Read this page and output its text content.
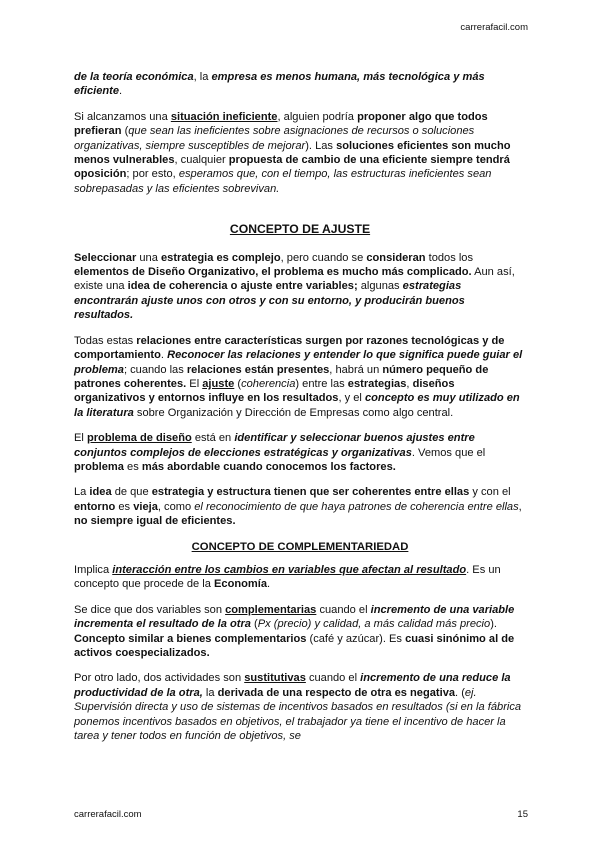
carrerafacil.com

de la teoría económica, la empresa es menos humana, más tecnológica y más eficiente.

Si alcanzamos una situación ineficiente, alguien podría proponer algo que todos prefieran (que sean las ineficientes sobre asignaciones de recursos o soluciones organizativas, siempre susceptibles de mejorar). Las soluciones eficientes son mucho menos vulnerables, cualquier propuesta de cambio de una eficiente siempre tendrá oposición; por esto, esperamos que, con el tiempo, las estructuras ineficientes sean sobrepasadas y las eficientes sobrevivan.

CONCEPTO DE AJUSTE

Seleccionar una estrategia es complejo, pero cuando se consideran todos los elementos de Diseño Organizativo, el problema es mucho más complicado. Aun así, existe una idea de coherencia o ajuste entre variables; algunas estrategias encontrarán ajuste unos con otros y con su entorno, y producirán buenos resultados.

Todas estas relaciones entre características surgen por razones tecnológicas y de comportamiento. Reconocer las relaciones y entender lo que significa puede guiar el problema; cuando las relaciones están presentes, habrá un número pequeño de patrones coherentes. El ajuste (coherencia) entre las estrategias, diseños organizativos y entornos influye en los resultados, y el concepto es muy utilizado en la literatura sobre Organización y Dirección de Empresas como algo central.

El problema de diseño está en identificar y seleccionar buenos ajustes entre conjuntos complejos de elecciones estratégicas y organizativas. Vemos que el problema es más abordable cuando conocemos los factores.

La idea de que estrategia y estructura tienen que ser coherentes entre ellas y con el entorno es vieja, como el reconocimiento de que haya patrones de coherencia entre ellas, no siempre igual de eficientes.

CONCEPTO DE COMPLEMENTARIEDAD

Implica interacción entre los cambios en variables que afectan al resultado. Es un concepto que procede de la Economía.

Se dice que dos variables son complementarias cuando el incremento de una variable incrementa el resultado de la otra (Px (precio) y calidad, a más calidad más precio). Concepto similar a bienes complementarios (café y azúcar). Es cuasi sinónimo al de activos coespecializados.

Por otro lado, dos actividades son sustitutivas cuando el incremento de una reduce la productividad de la otra, la derivada de una respecto de otra es negativa. (ej. Supervisión directa y uso de sistemas de incentivos basados en resultados (si en la fábrica ponemos incentivos basados en objetivos, el trabajador ya tiene el incentivo de hacer la tarea y tener todos en función de objetivos, se

carrerafacil.com	15
